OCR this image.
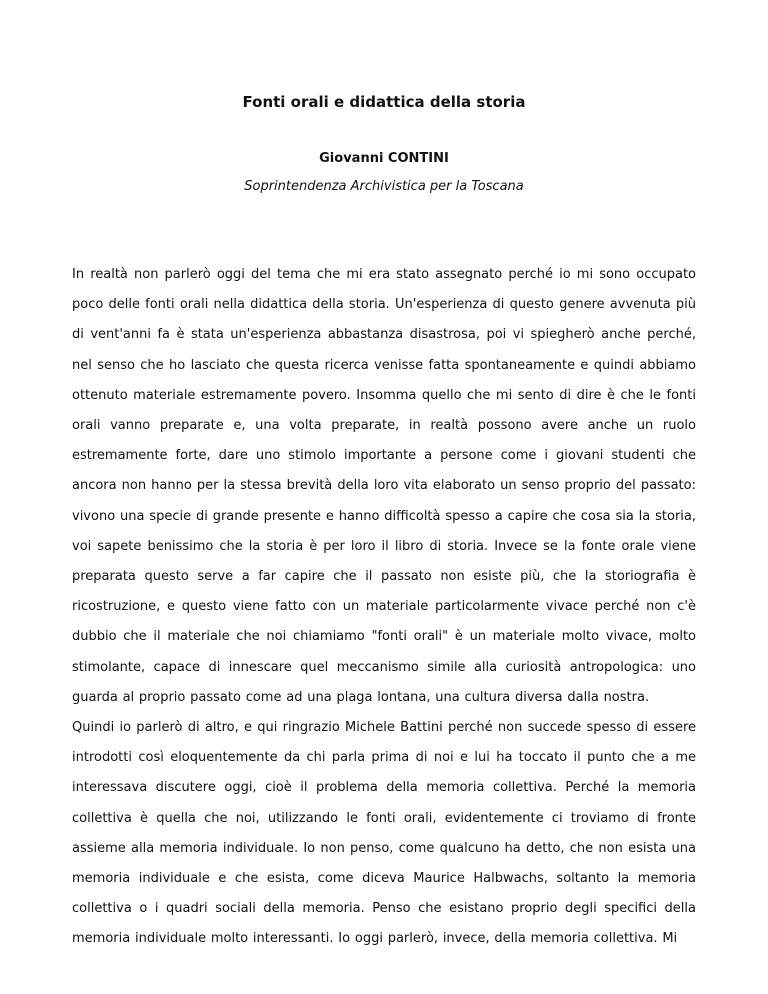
Fonti orali e didattica della storia
Giovanni CONTINI
Soprintendenza Archivistica per la Toscana

In realtà non parlerò oggi del tema che mi era stato assegnato perché io mi sono occupato poco delle fonti orali nella didattica della storia. Un'esperienza di questo genere avvenuta più di vent'anni fa è stata un'esperienza abbastanza disastrosa, poi vi spiegherò anche perché, nel senso che ho lasciato che questa ricerca venisse fatta spontaneamente e quindi abbiamo ottenuto materiale estremamente povero. Insomma quello che mi sento di dire è che le fonti orali vanno preparate e, una volta preparate, in realtà possono avere anche un ruolo estremamente forte, dare uno stimolo importante a persone come i giovani studenti che ancora non hanno per la stessa brevità della loro vita elaborato un senso proprio del passato: vivono una specie di grande presente e hanno difficoltà spesso a capire che cosa sia la storia, voi sapete benissimo che la storia è per loro il libro di storia. Invece se la fonte orale viene preparata questo serve a far capire che il passato non esiste più, che la storiografia è ricostruzione, e questo viene fatto con un materiale particolarmente vivace perché non c'è dubbio che il materiale che noi chiamiamo "fonti orali" è un materiale molto vivace, molto stimolante, capace di innescare quel meccanismo simile alla curiosità antropologica: uno guarda al proprio passato come ad una plaga lontana, una cultura diversa dalla nostra.

Quindi io parlerò di altro, e qui ringrazio Michele Battini perché non succede spesso di essere introdotti così eloquentemente da chi parla prima di noi e lui ha toccato il punto che a me interessava discutere oggi, cioè il problema della memoria collettiva. Perché la memoria collettiva è quella che noi, utilizzando le fonti orali, evidentemente ci troviamo di fronte assieme alla memoria individuale. Io non penso, come qualcuno ha detto, che non esista una memoria individuale e che esista, come diceva Maurice Halbwachs, soltanto la memoria collettiva o i quadri sociali della memoria. Penso che esistano proprio degli specifici della memoria individuale molto interessanti. Io oggi parlerò, invece, della memoria collettiva. Mi
